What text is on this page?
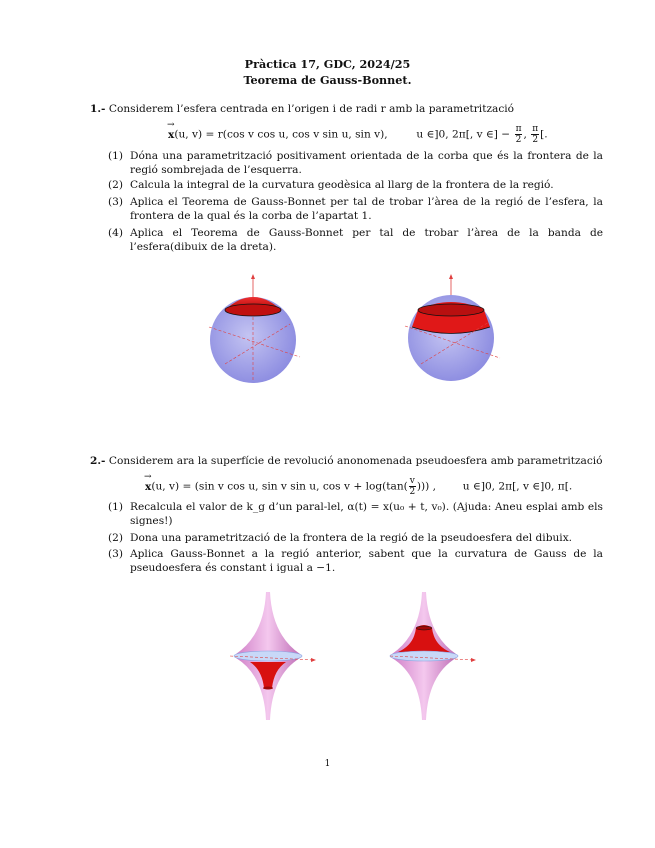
Pràctica 17, GDC, 2024/25
Teorema de Gauss-Bonnet.
1.- Considerem l’esfera centrada en l’origen i de radi r amb la parametrització
→ x(u, v) = r(cos v cos u, cos v sin u, sin v),	u ∈]0, 2π[, v ∈] − $\frac{\pi}{2}$ , $\frac{\pi}{2}$ [.
(1) Dóna una parametrització positivament orientada de la corba que és la frontera de la regió sombrejada de l’esquerra.
(2) Calcula la integral de la curvatura geodèsica al llarg de la frontera de la regió.
(3) Aplica el Teorema de Gauss-Bonnet per tal de trobar l’àrea de la regió de l’esfera, la frontera de la qual és la corba de l’apartat 1.
(4) Aplica el Teorema de Gauss-Bonnet per tal de trobar l’àrea de la banda de l’esfera(dibuix de la dreta).
2.- Considerem ara la superfície de revolució anonomenada pseudoesfera amb parametrització
→ x(u, v) = (sin v cos u, sin v sin u, $\cos v + \log(\tan( \frac{v}{2}$ ))) ,	u ∈]0, 2π[, v ∈]0, π[.
(1) Recalcula el valor de k_g d’un paral-lel, α(t) = x(u₀ + t, v₀). (Ajuda: Aneu esplai amb els signes!)
(2) Dona una parametrització de la frontera de la regió de la pseudoesfera del dibuix.
(3) Aplica Gauss-Bonnet a la regió anterior, sabent que la curvatura de Gauss de la pseudoesfera és constant i igual a −1.
1
